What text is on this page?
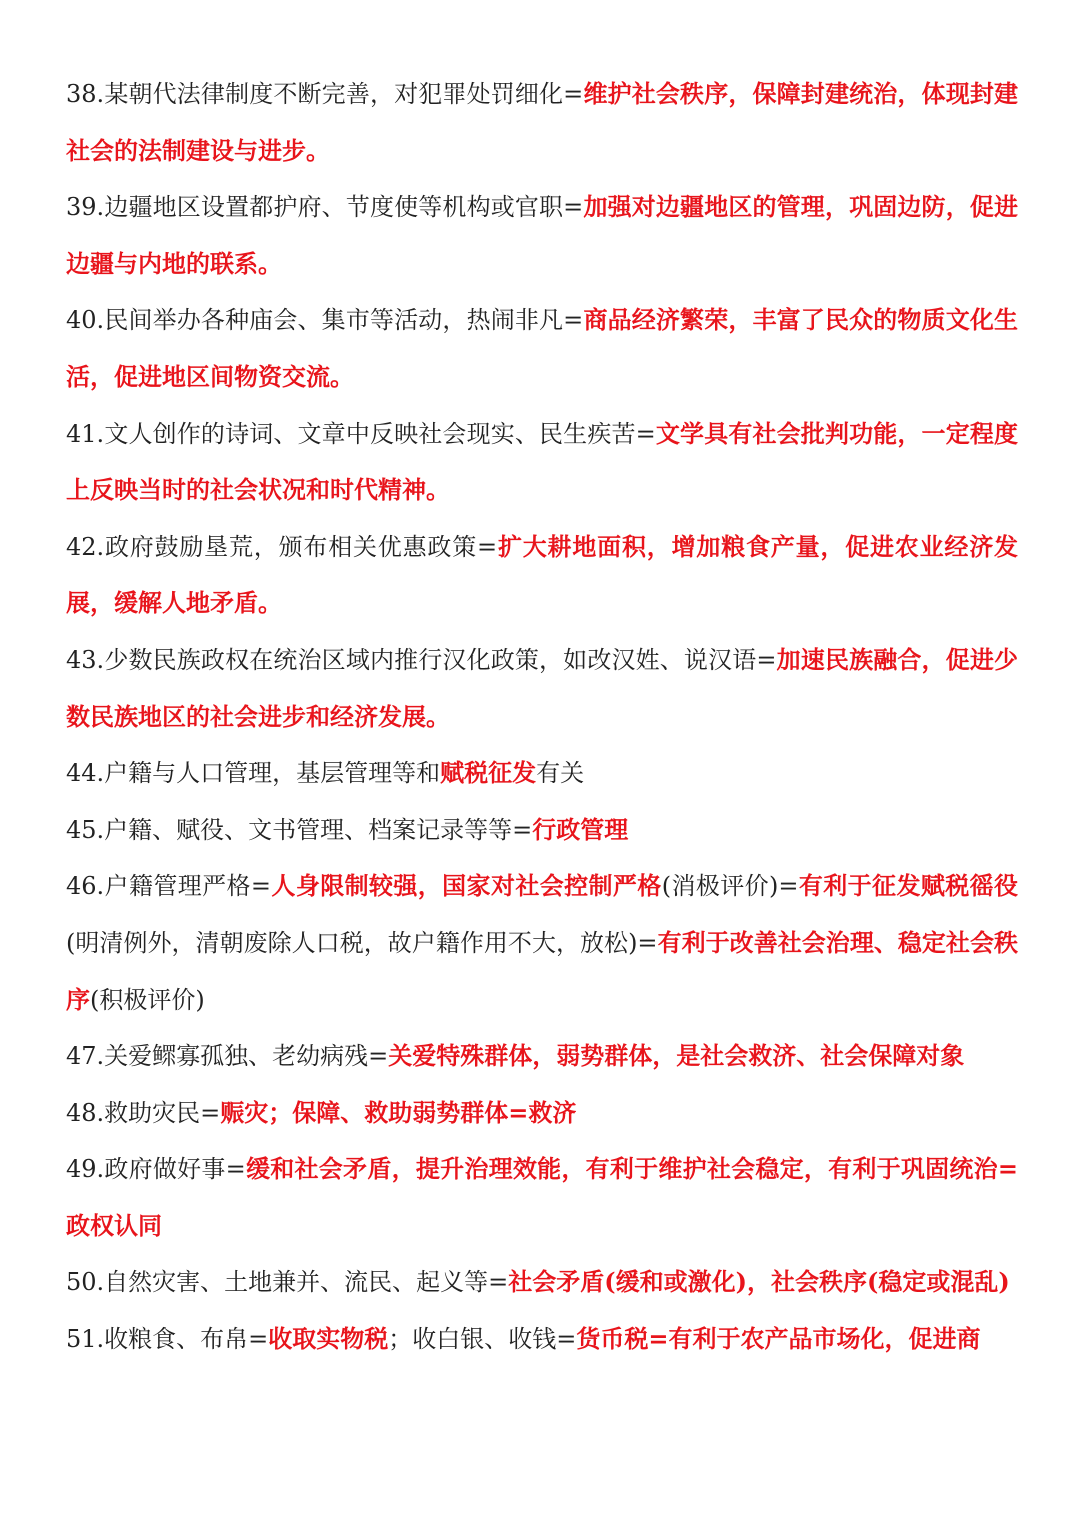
38.某朝代法律制度不断完善，对犯罪处罚细化=维护社会秩序，保障封建统治，体现封建社会的法制建设与进步。

39.边疆地区设置都护府、节度使等机构或官职=加强对边疆地区的管理，巩固边防，促进边疆与内地的联系。

40.民间举办各种庙会、集市等活动，热闹非凡=商品经济繁荣，丰富了民众的物质文化生活，促进地区间物资交流。

41.文人创作的诗词、文章中反映社会现实、民生疾苦=文学具有社会批判功能，一定程度上反映当时的社会状况和时代精神。

42.政府鼓励垦荒，颁布相关优惠政策=扩大耕地面积，增加粮食产量，促进农业经济发展，缓解人地矛盾。

43.少数民族政权在统治区域内推行汉化政策，如改汉姓、说汉语=加速民族融合，促进少数民族地区的社会进步和经济发展。

44.户籍与人口管理，基层管理等和赋税征发有关

45.户籍、赋役、文书管理、档案记录等等=行政管理

46.户籍管理严格=人身限制较强，国家对社会控制严格(消极评价)=有利于征发赋税徭役(明清例外，清朝废除人口税，故户籍作用不大，放松)=有利于改善社会治理、稳定社会秩序(积极评价)

47.关爱鳏寡孤独、老幼病残=关爱特殊群体，弱势群体，是社会救济、社会保障对象

48.救助灾民=赈灾；保障、救助弱势群体=救济

49.政府做好事=缓和社会矛盾，提升治理效能，有利于维护社会稳定，有利于巩固统治=政权认同

50.自然灾害、土地兼并、流民、起义等=社会矛盾(缓和或激化)，社会秩序(稳定或混乱)

51.收粮食、布帛=收取实物税；收白银、收钱=货币税=有利于农产品市场化，促进商
